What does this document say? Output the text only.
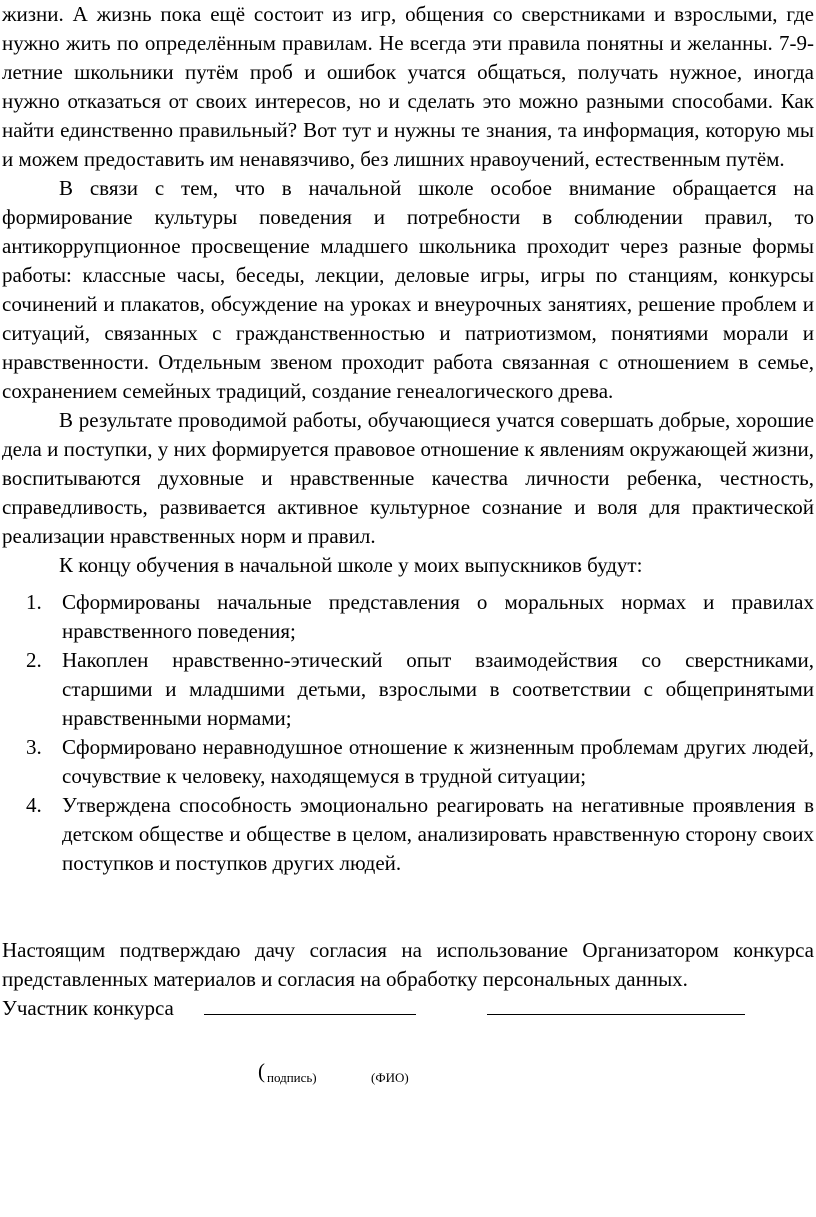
жизни. А жизнь пока ещё состоит из игр, общения со сверстниками и взрослыми, где нужно жить по определённым правилам. Не всегда эти правила понятны и желанны. 7-9- летние школьники путём проб и ошибок учатся общаться, получать нужное, иногда нужно отказаться от своих интересов, но и сделать это можно разными способами. Как найти единственно правильный? Вот тут и нужны те знания, та информация, которую мы и можем предоставить им ненавязчиво, без лишних нравоучений, естественным путём.

В связи с тем, что в начальной школе особое внимание обращается на формирование культуры поведения и потребности в соблюдении правил, то антикоррупционное просвещение младшего школьника проходит через разные формы работы: классные часы, беседы, лекции, деловые игры, игры по станциям, конкурсы сочинений и плакатов, обсуждение на уроках и внеурочных занятиях, решение проблем и ситуаций, связанных с гражданственностью и патриотизмом, понятиями морали и нравственности. Отдельным звеном проходит работа связанная с отношением в семье, сохранением семейных традиций, создание генеалогического древа.

В результате проводимой работы, обучающиеся учатся совершать добрые, хорошие дела и поступки, у них формируется правовое отношение к явлениям окружающей жизни, воспитываются духовные и нравственные качества личности ребенка, честность, справедливость, развивается активное культурное сознание и воля для практической реализации нравственных норм и правил.

К концу обучения в начальной школе у моих выпускников будут:

1. Сформированы начальные представления о моральных нормах и правилах нравственного поведения;
2. Накоплен нравственно-этический опыт взаимодействия со сверстниками, старшими и младшими детьми, взрослыми в соответствии с общепринятыми нравственными нормами;
3. Сформировано неравнодушное отношение к жизненным проблемам других людей, сочувствие к человеку, находящемуся в трудной ситуации;
4. Утверждена способность эмоционально реагировать на негативные проявления в детском обществе и обществе в целом, анализировать нравственную сторону своих поступков и поступков других людей.

Настоящим подтверждаю дачу согласия на использование Организатором конкурса представленных материалов и согласия на обработку персональных данных.

Участник конкурса
( подпись)	(ФИО)
